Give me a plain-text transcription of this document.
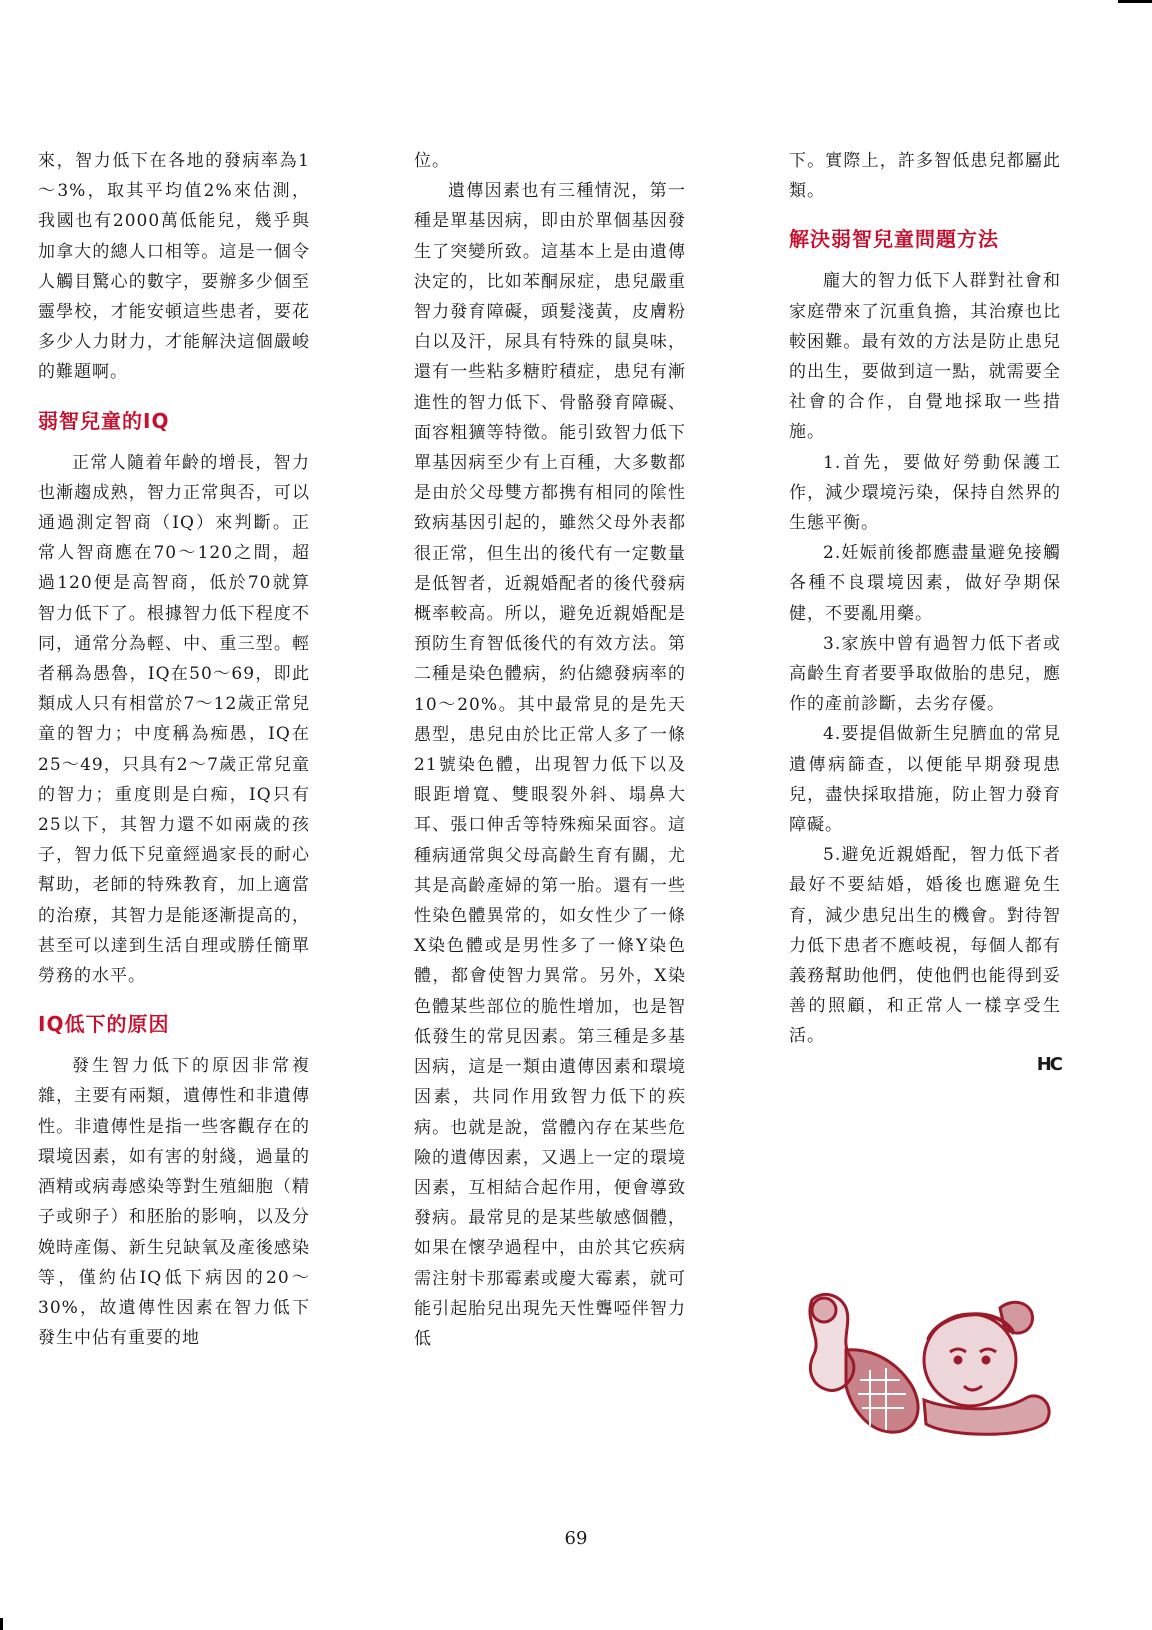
來，智力低下在各地的發病率為1～3%，取其平均值2%來估測，我國也有2000萬低能兒，幾乎與加拿大的總人口相等。這是一個令人觸目驚心的數字，要辦多少個至靈學校，才能安頓這些患者，要花多少人力財力，才能解決這個嚴峻的難題啊。

弱智兒童的IQ

正常人隨着年齡的增長，智力也漸趨成熟，智力正常與否，可以通過測定智商（IQ）來判斷。正常人智商應在70～120之間，超過120便是高智商，低於70就算智力低下了。根據智力低下程度不同，通常分為輕、中、重三型。輕者稱為愚魯，IQ在50～69，即此類成人只有相當於7～12歲正常兒童的智力；中度稱為痴愚，IQ在25～49，只具有2～7歲正常兒童的智力；重度則是白痴，IQ只有25以下，其智力還不如兩歲的孩子，智力低下兒童經過家長的耐心幫助，老師的特殊教育，加上適當的治療，其智力是能逐漸提高的，甚至可以達到生活自理或勝任簡單勞務的水平。

IQ低下的原因

發生智力低下的原因非常複雜，主要有兩類，遺傳性和非遺傳性。非遺傳性是指一些客觀存在的環境因素，如有害的射綫，過量的酒精或病毒感染等對生殖細胞（精子或卵子）和胚胎的影响，以及分娩時產傷、新生兒缺氧及產後感染等，僅約佔IQ低下病因的20～30%，故遺傳性因素在智力低下發生中佔有重要的地

位。

遺傳因素也有三種情況，第一種是單基因病，即由於單個基因發生了突變所致。這基本上是由遺傳決定的，比如苯酮尿症，患兒嚴重智力發育障礙，頭髮淺黃，皮膚粉白以及汗，尿具有特殊的鼠臭味，還有一些粘多糖貯積症，患兒有漸進性的智力低下、骨骼發育障礙、面容粗獷等特徵。能引致智力低下單基因病至少有上百種，大多數都是由於父母雙方都携有相同的隂性致病基因引起的，雖然父母外表都很正常，但生出的後代有一定數量是低智者，近親婚配者的後代發病概率較高。所以，避免近親婚配是預防生育智低後代的有效方法。第二種是染色體病，約佔總發病率的10～20%。其中最常見的是先天愚型，患兒由於比正常人多了一條21號染色體，出現智力低下以及眼距增寬、雙眼裂外斜、塌鼻大耳、張口伸舌等特殊痴呆面容。這種病通常與父母高齡生育有關，尤其是高齡產婦的第一胎。還有一些性染色體異常的，如女性少了一條X染色體或是男性多了一條Y染色體，都會使智力異常。另外，X染色體某些部位的脆性增加，也是智低發生的常見因素。第三種是多基因病，這是一類由遺傳因素和環境因素，共同作用致智力低下的疾病。也就是說，當體內存在某些危險的遺傳因素，又遇上一定的環境因素，互相結合起作用，便會導致發病。最常見的是某些敏感個體，如果在懷孕過程中，由於其它疾病需注射卡那霉素或慶大霉素，就可能引起胎兒出現先天性聾啞伴智力低

下。實際上，許多智低患兒都屬此類。

解決弱智兒童問題方法

龐大的智力低下人群對社會和家庭帶來了沉重負擔，其治療也比較困難。最有效的方法是防止患兒的出生，要做到這一點，就需要全社會的合作，自覺地採取一些措施。

1.首先，要做好勞動保護工作，減少環境污染，保持自然界的生態平衡。

2.妊娠前後都應盡量避免接觸各種不良環境因素，做好孕期保健，不要亂用藥。

3.家族中曾有過智力低下者或高齡生育者要爭取做胎的患兒，應作的產前診斷，去劣存優。

4.要提倡做新生兒臍血的常見遺傳病篩查，以便能早期發現患兒，盡快採取措施，防止智力發育障礙。

5.避免近親婚配，智力低下者最好不要結婚，婚後也應避免生育，減少患兒出生的機會。對待智力低下患者不應岐視，每個人都有義務幫助他們，使他們也能得到妥善的照顧，和正常人一樣享受生活。

HC
69
